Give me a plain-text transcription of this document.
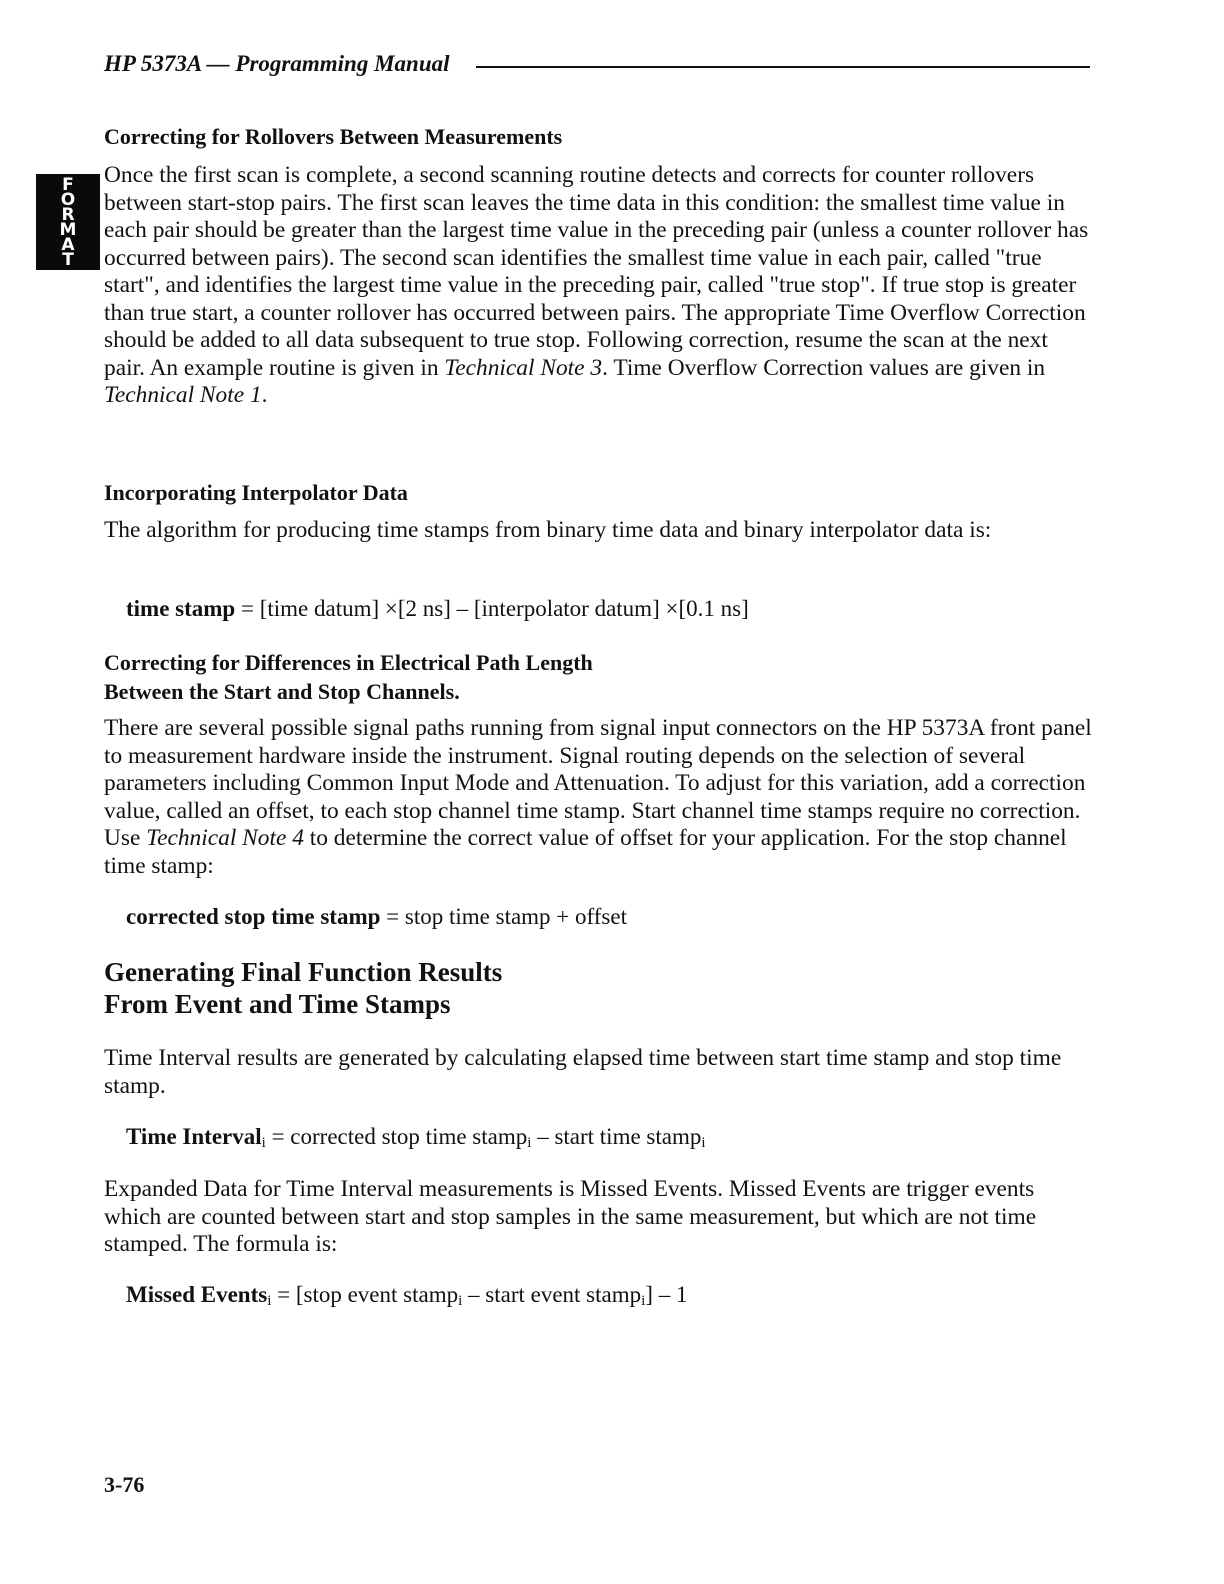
HP 5373A — Programming Manual
F
O
R
M
A
T
5B
Correcting for Rollovers Between Measurements
Once the first scan is complete, a second scanning routine detects and corrects for counter rollovers between start-stop pairs. The first scan leaves the time data in this condition: the smallest time value in each pair should be greater than the largest time value in the preceding pair (unless a counter rollover has occurred between pairs). The second scan identifies the smallest time value in each pair, called "true start", and identifies the largest time value in the preceding pair, called "true stop". If true stop is greater than true start, a counter rollover has occurred between pairs. The appropriate Time Overflow Correction should be added to all data subsequent to true stop. Following correction, resume the scan at the next pair. An example routine is given in Technical Note 3. Time Overflow Correction values are given in Technical Note 1.
Incorporating Interpolator Data
The algorithm for producing time stamps from binary time data and binary interpolator data is:
time stamp = [time datum] ×[2 ns] – [interpolator datum] ×[0.1 ns]
Correcting for Differences in Electrical Path Length
Between the Start and Stop Channels.
There are several possible signal paths running from signal input connectors on the HP 5373A front panel to measurement hardware inside the instrument. Signal routing depends on the selection of several parameters including Common Input Mode and Attenuation. To adjust for this variation, add a correction value, called an offset, to each stop channel time stamp. Start channel time stamps require no correction. Use Technical Note 4 to determine the correct value of offset for your application. For the stop channel time stamp:
corrected stop time stamp = stop time stamp + offset
Generating Final Function Results
From Event and Time Stamps
Time Interval results are generated by calculating elapsed time between start time stamp and stop time stamp.
Time Interval$_i$ = corrected stop time stamp$_i$ – start time stamp$_i$
Expanded Data for Time Interval measurements is Missed Events. Missed Events are trigger events which are counted between start and stop samples in the same measurement, but which are not time stamped. The formula is:
Missed Events$_i$ = [stop event stamp$_i$ – start event stamp$_i$] – 1
3-76
